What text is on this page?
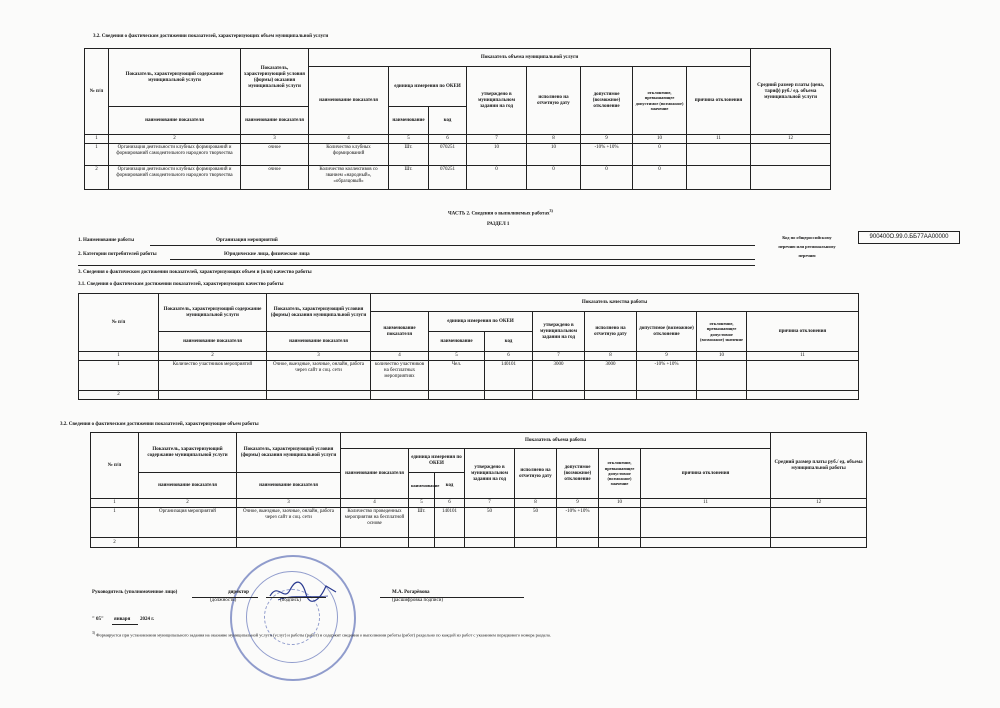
3.2. Сведения о фактическом достижении показателей, характеризующих объем муниципальной услуги
№ п/п	Показатель, характеризующий содержание муниципальной услуги	Показатель, характеризующий условия (формы) оказания муниципальной услуги	Показатель объема муниципальной услуги								Средний размер платы (цена, тариф) руб./ ед. объема муниципальной услуги
			наименование показателя	единица измерения по ОКЕИ		утверждено в муниципальном задании на год	исполнено на отчетную дату	допустимое (возможное) отклонение	отклонение, превышающее допустимое (возможное) значение	причина отклонения	
	наименование показателя	наименование показателя		наименование	код						
1	2	3	4	5	6	7	8	9	10	11	12
1	Организация деятельности клубных формирований и формирований самодеятельного народного творчества	очное	Количество клубных формирований	Шт.	070251	10	10	-10% +10%	0		
2	Организация деятельности клубных формирований и формирований самодеятельного народного творчества	очное	Количество коллективов со званием «народный», «образцовый»	Шт.	070251	0	0	0	0		
ЧАСТЬ 2. Сведения о выполняемых работах$^{3)}$
РАЗДЕЛ 1
1. Наименование работы	Организация мероприятий
2. Категории потребителей работы	Юридические лица, физические лица
Код по общероссийскому
перечню или региональному
перечню
900400О.99.0.ББ77АА00000
3. Сведения о фактическом достижении показателей, характеризующих объем и (или) качество работы
3.1. Сведения о фактическом достижении показателей, характеризующих качество работы
№ п/п	Показатель, характеризующий содержание муниципальной услуги	Показатель, характеризующий условия (формы) оказания муниципальной услуги	Показатель качества работы							
			наименование показателя	единица измерения по ОКЕИ		утверждено в муниципальном задании на год	исполнено на отчетную дату	допустимое (возможное) отклонение	отклонение, превышающее допустимое (возможное) значение	причина отклонения
	наименование показателя	наименование показателя		наименование	код					
1	2	3	4	5	6	7	8	9	10	11
1	Количество участников мероприятий	Очное, выездные, заочные, онлайн, работа через сайт и соц. сети	количество участников на бесплатных мероприятиях	Чел.	140101	3000	3000	-10% +10%		
2										
3.2. Сведения о фактическом достижении показателей, характеризующие объем работы
№ п/п	Показатель, характеризующий содержание муниципальной услуги	Показатель, характеризующий условия (формы) оказания муниципальной услуги	Показатель объема работы								Средний размер платы руб./ ед. объема муниципальной работы
			наименование показателя	единица измерения по ОКЕИ		утверждено в муниципальном задании на год	исполнено на отчетную дату	допустимое (возможное) отклонение	отклонение, превышающее допустимое (возможное) значение	причина отклонения	
	наименование показателя	наименование показателя		наименование	код						
1	2	3	4	5	6	7	8	9	10	11	12
1	Организация мероприятий	Очное, выездные, заочные, онлайн, работа через сайт и соц. сети	Количество проведенных мероприятия на бесплатной основе	Шт.	140101	50	50	-10% +10%			
2											
Руководитель (уполномоченное лицо)	директор
(должность)	(подпись)
М.А. Рогарёвова
(расшифровка подписи)
" 05" января 2024 г.
$^{3)}$ Формируется при установлении муниципального задания на оказание муниципальной услуги (услуг) и работы (работ) и содержит сведения о выполнении работы (работ) раздельно по каждой из работ с указанием порядкового номера раздела.
